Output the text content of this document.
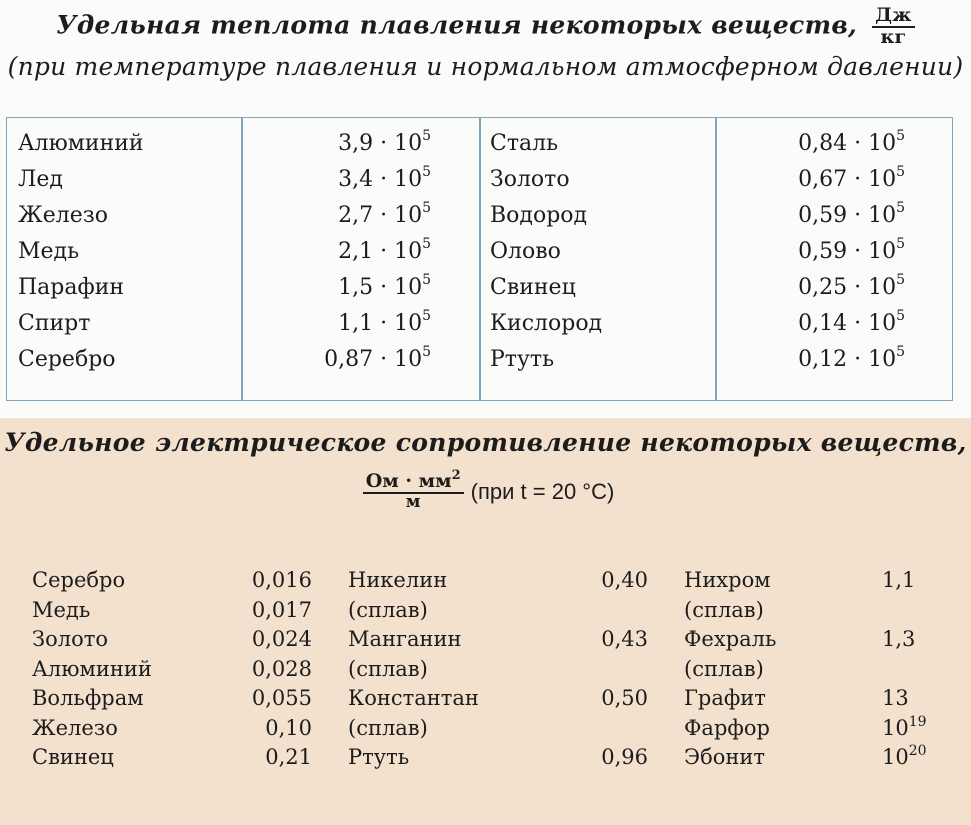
Удельная теплота плавления некоторых веществ, $\frac{Дж}{кг}$
(при температуре плавления и нормальном атмосферном давлении)
Алюминий
Лед
Железо
Медь
Парафин
Спирт
Серебро
$3,9 \cdot 10^5$
$3,4 \cdot 10^5$
$2,7 \cdot 10^5$
$2,1 \cdot 10^5$
$1,5 \cdot 10^5$
$1,1 \cdot 10^5$
$0,87 \cdot 10^5$
Сталь
Золото
Водород
Олово
Свинец
Кислород
Ртуть
$0,84 \cdot 10^5$
$0,67 \cdot 10^5$
$0,59 \cdot 10^5$
$0,59 \cdot 10^5$
$0,25 \cdot 10^5$
$0,14 \cdot 10^5$
$0,12 \cdot 10^5$
Удельное электрическое сопротивление некоторых веществ,
$\frac{Ом \cdot мм^2}{м} (при$ t = 20 °C)
Серебро
Медь
Золото
Алюминий
Вольфрам
Железо
Свинец
0,016
0,017
0,024
0,028
0,055
0,10
0,21
Никелин
(сплав)
Манганин
(сплав)
Константан
(сплав)
Ртуть
0,40
0,43
0,50
0,96
Нихром
(сплав)
Фехраль
(сплав)
Графит
Фарфор
Эбонит
1,1
1,3
13
$10^{19}$
$10^{20}$
